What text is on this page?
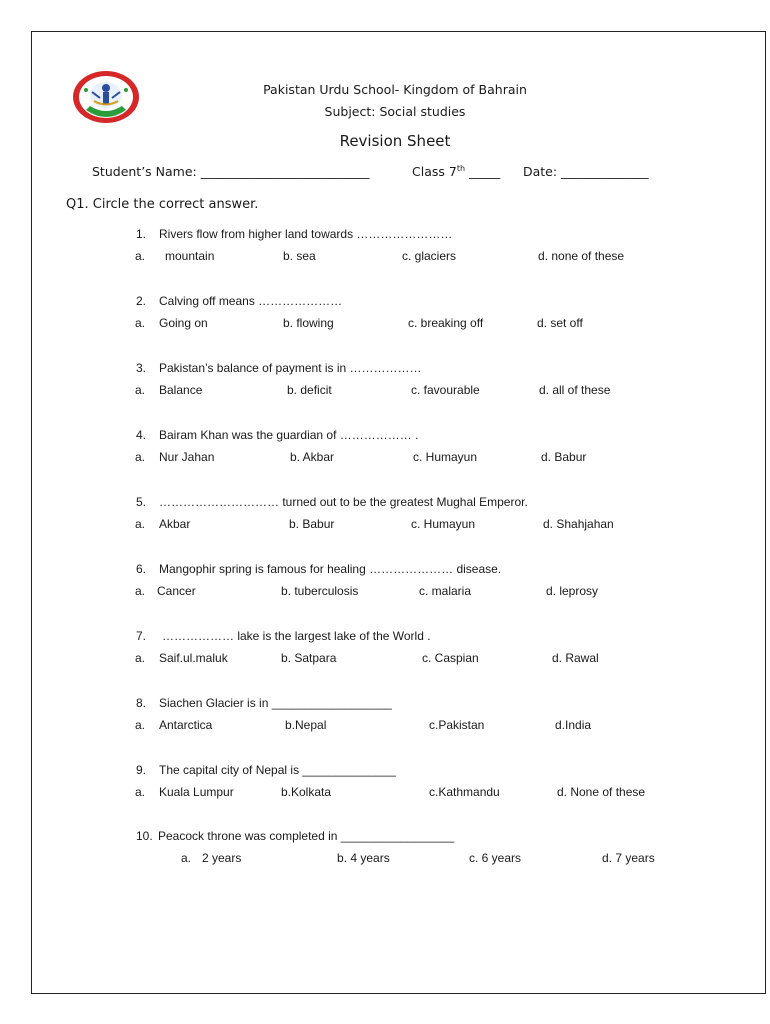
Pakistan Urdu School- Kingdom of Bahrain
Subject: Social studies
Revision Sheet
Student’s Name: ___________________________	Class 7th _____ Date: ______________
Q1. Circle the correct answer.
1. Rivers flow from higher land towards ……………………
a. mountain	b. sea	c. glaciers	d. none of these
2. Calving off means …………………
a. Going on	b. flowing	c. breaking off	d. set off
3. Pakistan’s balance of payment is in ………………
a. Balance	b. deficit	c. favourable	d. all of these
4. Bairam Khan was the guardian of ……………… .
a. Nur Jahan	b. Akbar	c. Humayun	d. Babur
5. ………………………… turned out to be the greatest Mughal Emperor.
a. Akbar	b. Babur	c. Humayun	d. Shahjahan
6. Mangophir spring is famous for healing ………………… disease.
a. Cancer	b. tuberculosis	c. malaria	d. leprosy
7. ……………… lake is the largest lake of the World .
a. Saif.ul.maluk	b. Satpara	c. Caspian	d. Rawal
8. Siachen Glacier is in __________________
a. Antarctica	b.Nepal	c.Pakistan	d.India
9. The capital city of Nepal is ______________
a. Kuala Lumpur	b.Kolkata	c.Kathmandu	d. None of these
10. Peacock throne was completed in _________________
a. 2 years	b. 4 years	c. 6 years	d. 7 years
